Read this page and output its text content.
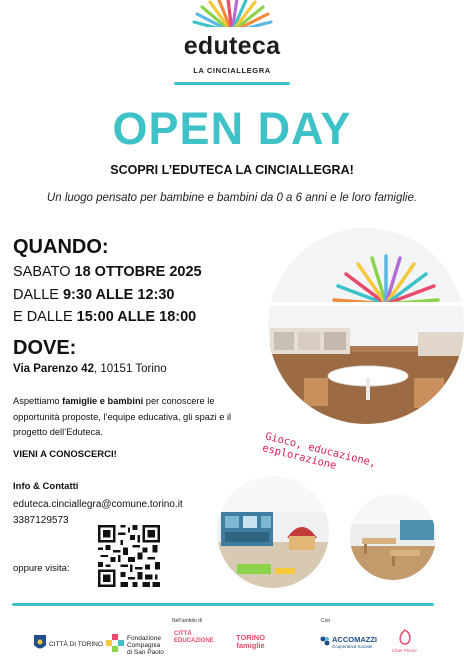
eduteca
LA CINCIALLEGRA
OPEN DAY
SCOPRI L’EDUTECA LA CINCIALLEGRA!
Un luogo pensato per bambine e bambini da 0 a 6 anni e le loro famiglie.
QUANDO:
SABATO 18 OTTOBRE 2025
DALLE 9:30 ALLE 12:30
E DALLE 15:00 ALLE 18:00
DOVE:
Via Parenzo 42, 10151 Torino
Aspettiamo famiglie e bambini per conoscere le opportunità proposte, l’equipe educativa, gli spazi e il progetto dell’Eduteca.
VIENI A CONOSCERCI!
Info & Contatti
eduteca.cinciallegra@comune.torino.it
3387129573
oppure visita:
Gioco, educazione, esplorazione
Nell’ambito di	Con
CITTÀ DI TORINO
Fondazione
Compagnia
di San Paolo
CITTÀ
EDUCAZIONE	TORINO
famiglie
ACCOMAZZI
Cooperativa Sociale
Ciber Piume
